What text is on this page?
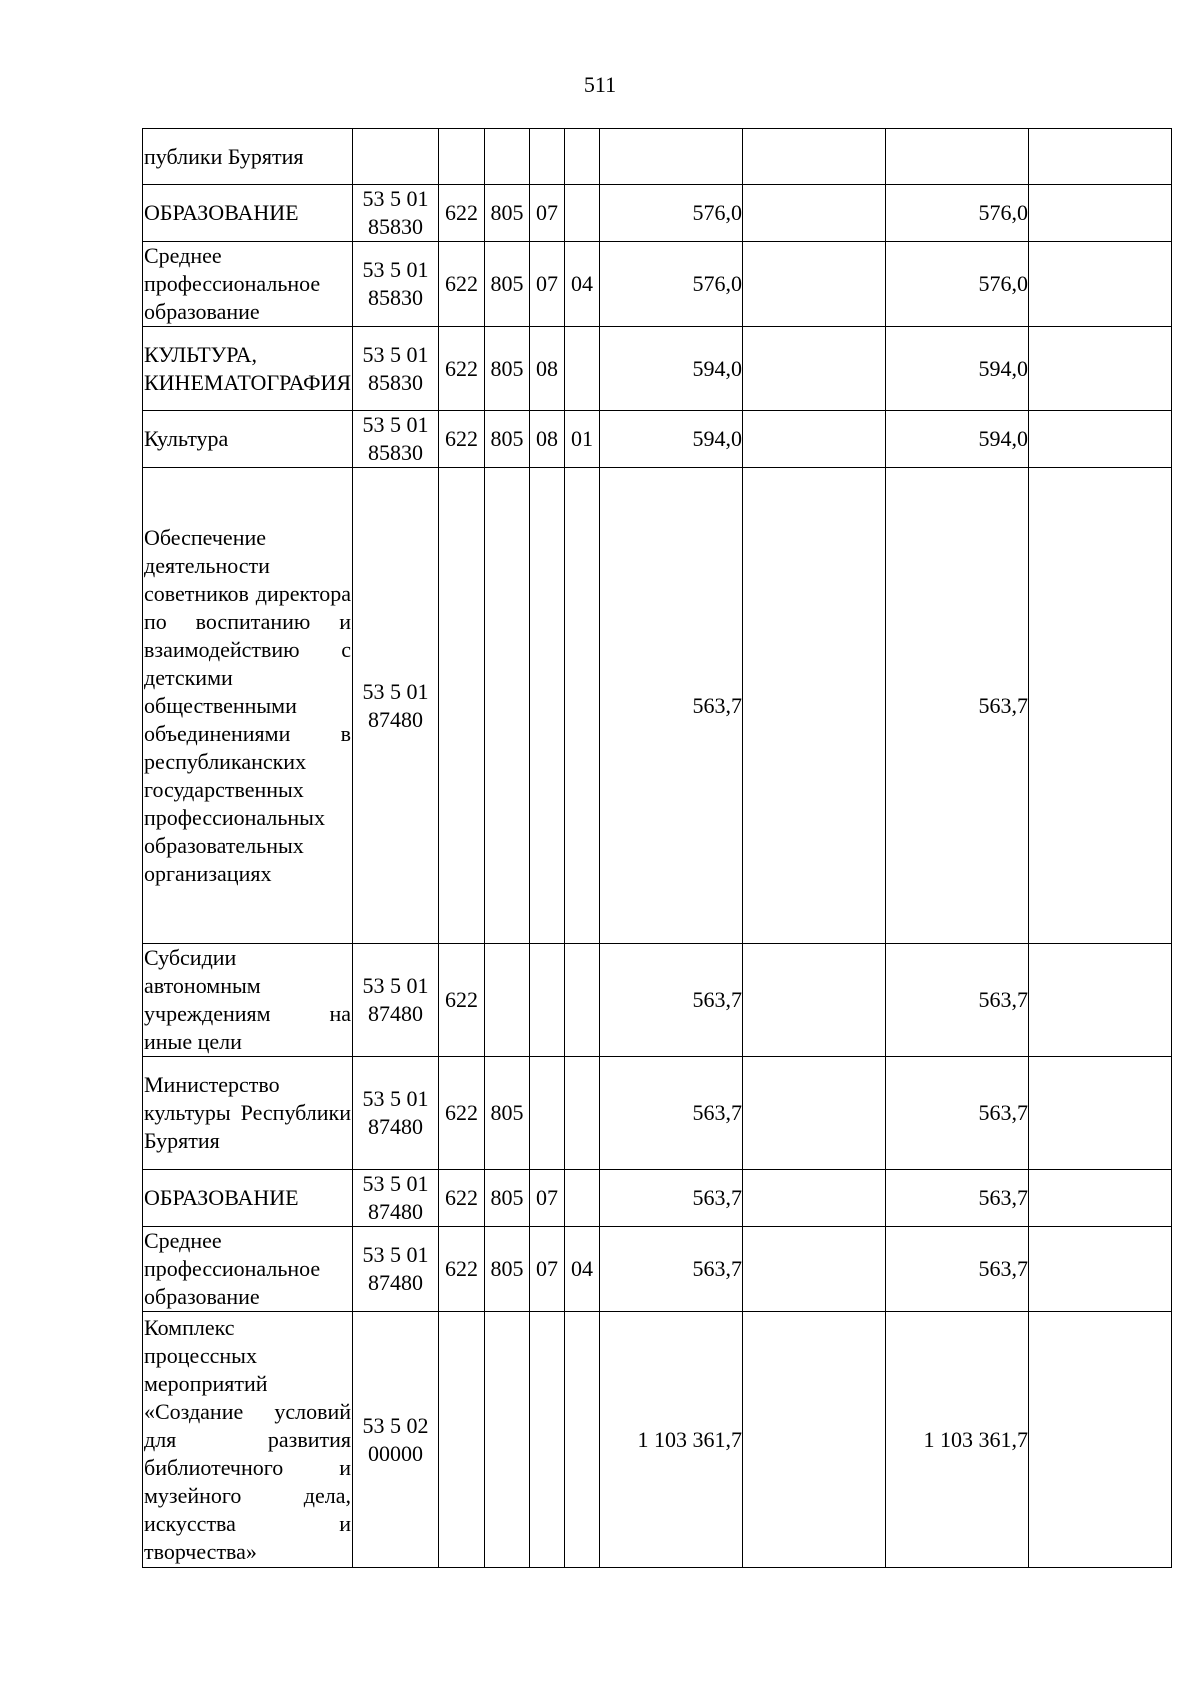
511
публики Бурятия									
ОБРАЗОВАНИЕ	53 5 01 85830	622	805	07		576,0		576,0	
Среднее профессиональное образование	53 5 01 85830	622	805	07	04	576,0		576,0	
КУЛЬТУРА, КИНЕМАТОГРАФИЯ	53 5 01 85830	622	805	08		594,0		594,0	
Культура	53 5 01 85830	622	805	08	01	594,0		594,0	
Обеспечение деятельности советников директора по воспитанию и взаимодействию с детскими общественными объединениями в республиканских государственных профессиональных образовательных организациях	53 5 01 87480					563,7		563,7	
Субсидии автономным учреждениям на иные цели	53 5 01 87480	622				563,7		563,7	
Министерство культуры Республики Бурятия	53 5 01 87480	622	805			563,7		563,7	
ОБРАЗОВАНИЕ	53 5 01 87480	622	805	07		563,7		563,7	
Среднее профессиональное образование	53 5 01 87480	622	805	07	04	563,7		563,7	
Комплекс процессных мероприятий «Создание условий для развития библиотечного и музейного дела, искусства и творчества»	53 5 02 00000					1 103 361,7		1 103 361,7	
